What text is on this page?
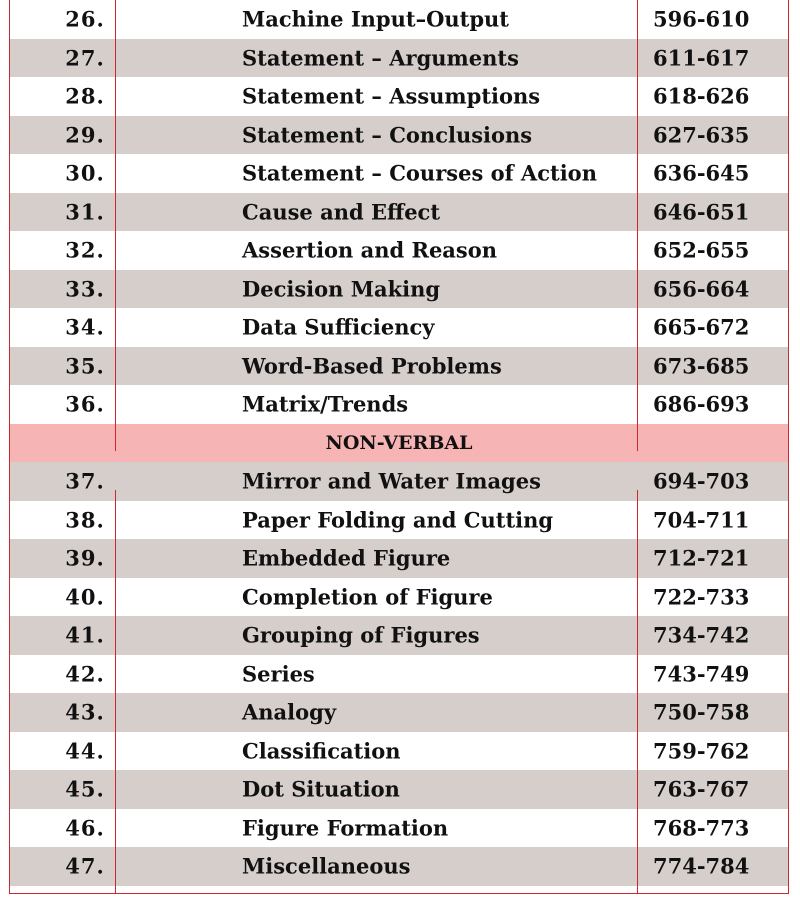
26.	Machine Input–Output	596-610
27.	Statement – Arguments	611-617
28.	Statement – Assumptions	618-626
29.	Statement – Conclusions	627-635
30.	Statement – Courses of Action	636-645
31.	Cause and Effect	646-651
32.	Assertion and Reason	652-655
33.	Decision Making	656-664
34.	Data Sufficiency	665-672
35.	Word-Based Problems	673-685
36.	Matrix/Trends	686-693
NON-VERBAL
37.	Mirror and Water Images	694-703
38.	Paper Folding and Cutting	704-711
39.	Embedded Figure	712-721
40.	Completion of Figure	722-733
41.	Grouping of Figures	734-742
42.	Series	743-749
43.	Analogy	750-758
44.	Classification	759-762
45.	Dot Situation	763-767
46.	Figure Formation	768-773
47.	Miscellaneous	774-784
